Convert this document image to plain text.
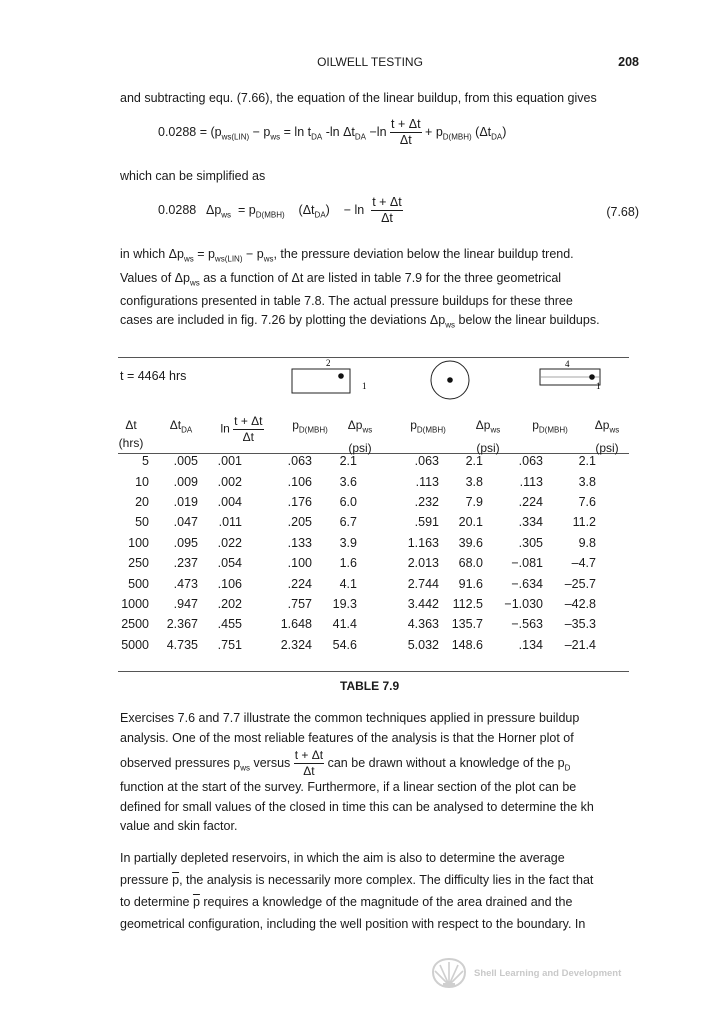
OILWELL TESTING	208
and subtracting equ. (7.66), the equation of the linear buildup, from this equation gives
$0.0288 = (p_{ws(LIN)} - p_{ws} = \ln t_{DA}$ -ln $\Delta t_{DA} -\ln \frac{t + \Delta t}{\Delta t} + p_{D(MBH)}$ $(\Delta t_{DA})$
which can be simplified as
0.0288 $\Delta p_{ws} = p_{D(MBH)}$ $(\Delta t_{DA}) - \ln \frac{t + \Delta t}{\Delta t}$	(7.68)
in which $\Delta p_{ws} = p_{ws(LIN)} - p_{ws}$, the pressure deviation below the linear buildup trend.
Values of $\Delta p_{ws}$ as a function of Δt are listed in table 7.9 for the three geometrical
configurations presented in table 7.8. The actual pressure buildups for these three
cases are included in fig. 7.26 by plotting the deviations $\Delta p_{ws}$ below the linear buildups.
t = 4464 hrs
2
1
4
1
Δt
(hrs)
$\Delta t_{DA}$	$\ln \frac{t + \Delta t}{\Delta t}$	$p_{D(MBH)}$	$\Delta p_{ws}$
(psi)
$p_{D(MBH)}$	$\Delta p_{ws}$
(psi)
$p_{D(MBH)}$	$\Delta p_{ws}$
(psi)
5	.005	.001	.063	2.1	.063	2.1	.063	2.1
10	.009	.002	.106	3.6	.113	3.8	.113	3.8
20	.019	.004	.176	6.0	.232	7.9	.224	7.6
50	.047	.011	.205	6.7	.591	20.1	.334	11.2
100	.095	.022	.133	3.9	1.163	39.6	.305	9.8
250	.237	.054	.100	1.6	2.013	68.0	−.081	–4.7
500	.473	.106	.224	4.1	2.744	91.6	−.634	–25.7
1000	.947	.202	.757	19.3	3.442	112.5	−1.030	–42.8
2500	2.367	.455	1.648	41.4	4.363	135.7	−.563	–35.3
5000	4.735	.751	2.324	54.6	5.032	148.6	.134	–21.4
TABLE 7.9
Exercises 7.6 and 7.7 illustrate the common techniques applied in pressure buildup
analysis. One of the most reliable features of the analysis is that the Horner plot of
observed pressures $p_{ws}$ versus $\frac{t + \Delta t}{\Delta t}$ can be drawn without a knowledge of the $p_D$
function at the start of the survey. Furthermore, if a linear section of the plot can be
defined for small values of the closed in time this can be analysed to determine the kh
value and skin factor.
In partially depleted reservoirs, in which the aim is also to determine the average
pressure $\overline{p}$, the analysis is necessarily more complex. The difficulty lies in the fact that
to determine $\overline{p}$ requires a knowledge of the magnitude of the area drained and the
geometrical configuration, including the well position with respect to the boundary. In
Shell Learning and Development
